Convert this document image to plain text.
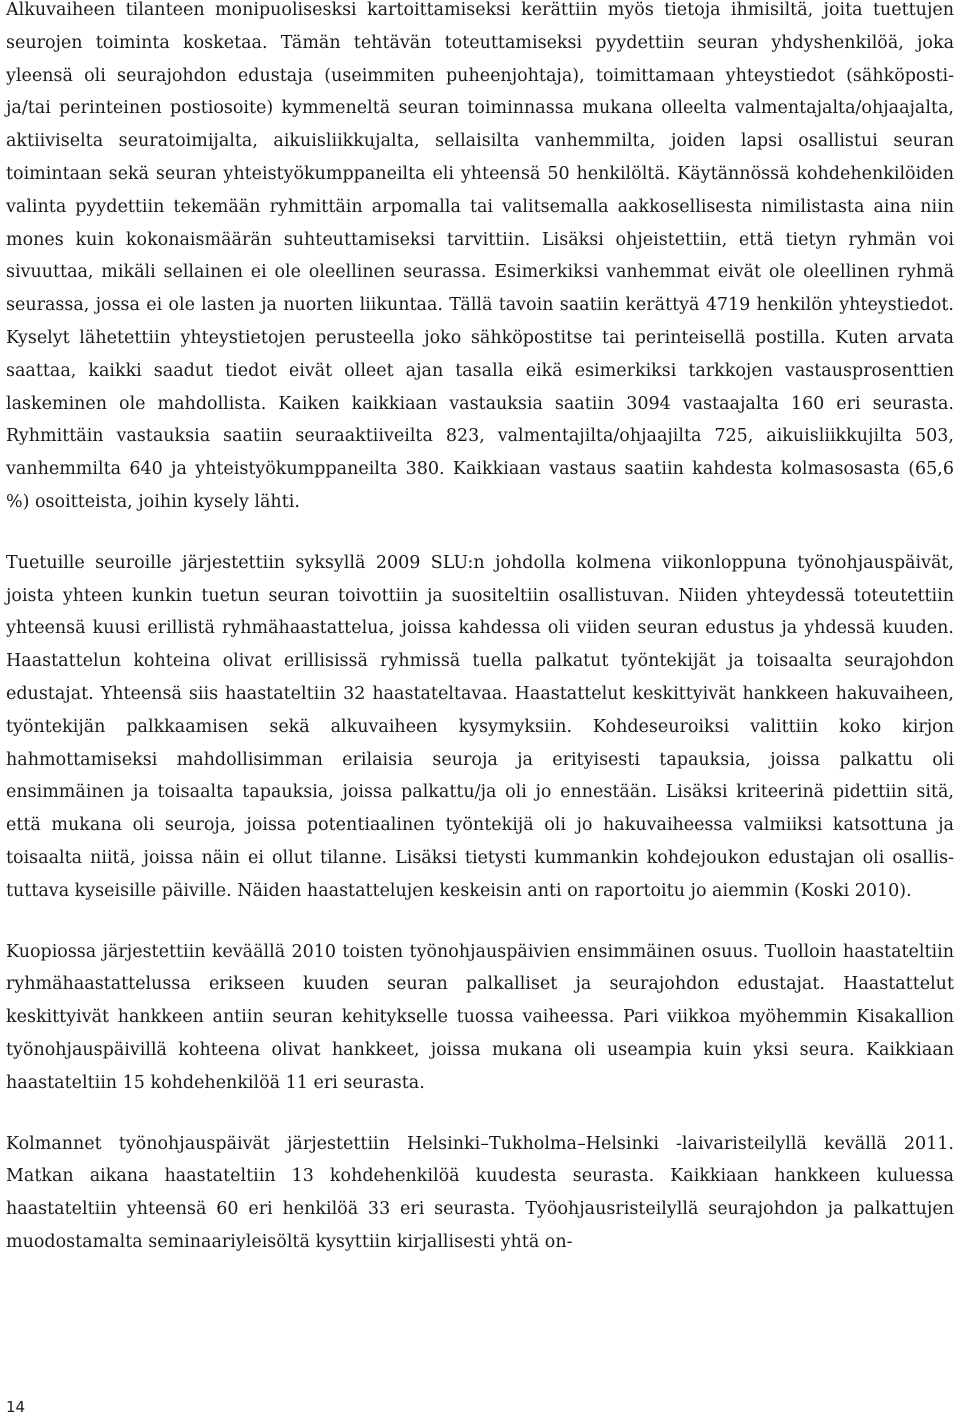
Alkuvaiheen tilanteen monipuolisesksi kartoittamiseksi kerättiin myös tietoja ihmisiltä, joita tuettujen seurojen toiminta kosketaa. Tämän tehtävän toteuttamiseksi pyydettiin seuran yhdyshenkilöä, joka yleensä oli seurajohdon edustaja (useimmiten puheenjohtaja), toimittamaan yhteystiedot (sähköposti- ja/tai perinteinen postiosoite) kymmeneltä seuran toiminnassa mukana olleelta valmentajalta/ohjaajalta, aktiiviselta seuratoimijalta, aikuisliikkujalta, sellaisilta vanhemmilta, joiden lapsi osallistui seuran toimintaan sekä seuran yhteistyökumppaneilta eli yhteensä 50 henkilöltä. Käytännössä kohdehenkilöiden valinta pyydettiin tekemään ryhmittäin arpomalla tai valitsemalla aakkosellisesta nimilistasta aina niin mones kuin kokonaismäärän suhteuttamiseksi tarvittiin. Lisäksi ohjeistettiin, että tietyn ryhmän voi sivuuttaa, mikäli sellainen ei ole oleellinen seurassa. Esimerkiksi vanhemmat eivät ole oleellinen ryhmä seurassa, jossa ei ole lasten ja nuorten liikuntaa. Tällä tavoin saatiin kerättyä 4719 henkilön yhteystiedot. Kyselyt lähetettiin yhteystietojen perusteella joko sähköpostitse tai perinteisellä postilla. Kuten arvata saattaa, kaikki saadut tiedot eivät olleet ajan tasalla eikä esimerkiksi tarkkojen vastausprosenttien laskeminen ole mahdollista. Kaiken kaikkiaan vastauksia saatiin 3094 vastaajalta 160 eri seurasta. Ryhmittäin vastauksia saatiin seuraaktiiveilta 823, valmentajilta/ohjaajilta 725, aikuisliikkujilta 503, vanhemmilta 640 ja yhteistyökumppaneilta 380. Kaikkiaan vastaus saatiin kahdesta kolmasosasta (65,6 %) osoitteista, joihin kysely lähti.

Tuetuille seuroille järjestettiin syksyllä 2009 SLU:n johdolla kolmena viikonloppuna työnohjauspäivät, joista yhteen kunkin tuetun seuran toivottiin ja suositeltiin osallistuvan. Niiden yhteydessä toteutettiin yhteensä kuusi erillistä ryhmähaastattelua, joissa kahdessa oli viiden seuran edustus ja yhdessä kuuden. Haastattelun kohteina olivat erillisissä ryhmissä tuella palkatut työntekijät ja toisaalta seurajohdon edustajat. Yhteensä siis haastateltiin 32 haastateltavaa. Haastattelut keskittyivät hankkeen hakuvaiheen, työntekijän palkkaamisen sekä alkuvaiheen kysymyksiin. Kohdeseuroiksi valittiin koko kirjon hahmottamiseksi mahdollisimman erilaisia seuroja ja erityisesti tapauksia, joissa palkattu oli ensimmäinen ja toisaalta tapauksia, joissa palkattu/ja oli jo ennestään. Lisäksi kriteerinä pidettiin sitä, että mukana oli seuroja, joissa potentiaalinen työntekijä oli jo hakuvaiheessa valmiiksi katsottuna ja toisaalta niitä, joissa näin ei ollut tilanne. Lisäksi tietysti kummankin kohdejoukon edustajan oli osallistuttava kyseisille päiville. Näiden haastattelujen keskeisin anti on raportoitu jo aiemmin (Koski 2010).

Kuopiossa järjestettiin keväällä 2010 toisten työnohjauspäivien ensimmäinen osuus. Tuolloin haastateltiin ryhmähaastattelussa erikseen kuuden seuran palkalliset ja seurajohdon edustajat. Haastattelut keskittyivät hankkeen antiin seuran kehitykselle tuossa vaiheessa. Pari viikkoa myöhemmin Kisakallion työnohjauspäivillä kohteena olivat hankkeet, joissa mukana oli useampia kuin yksi seura. Kaikkiaan haastateltiin 15 kohdehenkilöä 11 eri seurasta.

Kolmannet työnohjauspäivät järjestettiin Helsinki–Tukholma–Helsinki -laivaristeilyllä kevällä 2011. Matkan aikana haastateltiin 13 kohdehenkilöä kuudesta seurasta. Kaikkiaan hankkeen kuluessa haastateltiin yhteensä 60 eri henkilöä 33 eri seurasta. Työohjausristeilyllä seurajohdon ja palkattujen muodostamalta seminaariyleisöltä kysyttiin kirjallisesti yhtä on-

14
